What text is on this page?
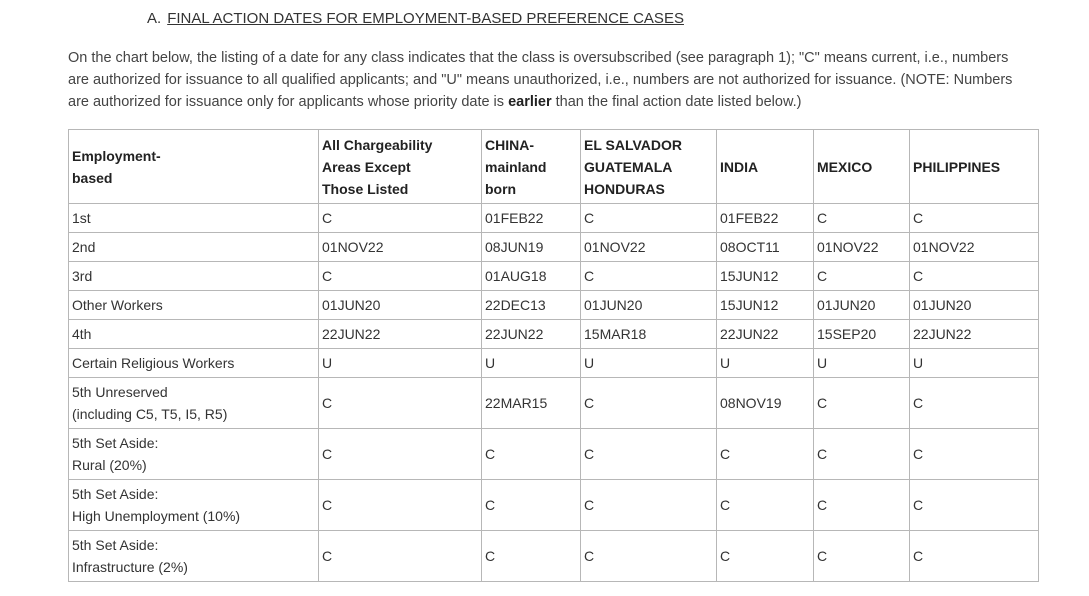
A. FINAL ACTION DATES FOR EMPLOYMENT-BASED PREFERENCE CASES

On the chart below, the listing of a date for any class indicates that the class is oversubscribed (see paragraph 1); "C" means current, i.e., numbers are authorized for issuance to all qualified applicants; and "U" means unauthorized, i.e., numbers are not authorized for issuance. (NOTE: Numbers are authorized for issuance only for applicants whose priority date is earlier than the final action date listed below.)

Employment-
based	All Chargeability
Areas Except
Those Listed	CHINA-
mainland
born	EL SALVADOR
GUATEMALA
HONDURAS	INDIA	MEXICO	PHILIPPINES
1st	C	01FEB22	C	01FEB22	C	C
2nd	01NOV22	08JUN19	01NOV22	08OCT11	01NOV22	01NOV22
3rd	C	01AUG18	C	15JUN12	C	C
Other Workers	01JUN20	22DEC13	01JUN20	15JUN12	01JUN20	01JUN20
4th	22JUN22	22JUN22	15MAR18	22JUN22	15SEP20	22JUN22
Certain Religious Workers	U	U	U	U	U	U
5th Unreserved
(including C5, T5, I5, R5)	C	22MAR15	C	08NOV19	C	C
5th Set Aside:
Rural (20%)	C	C	C	C	C	C
5th Set Aside:
High Unemployment (10%)	C	C	C	C	C	C
5th Set Aside:
Infrastructure (2%)	C	C	C	C	C	C
